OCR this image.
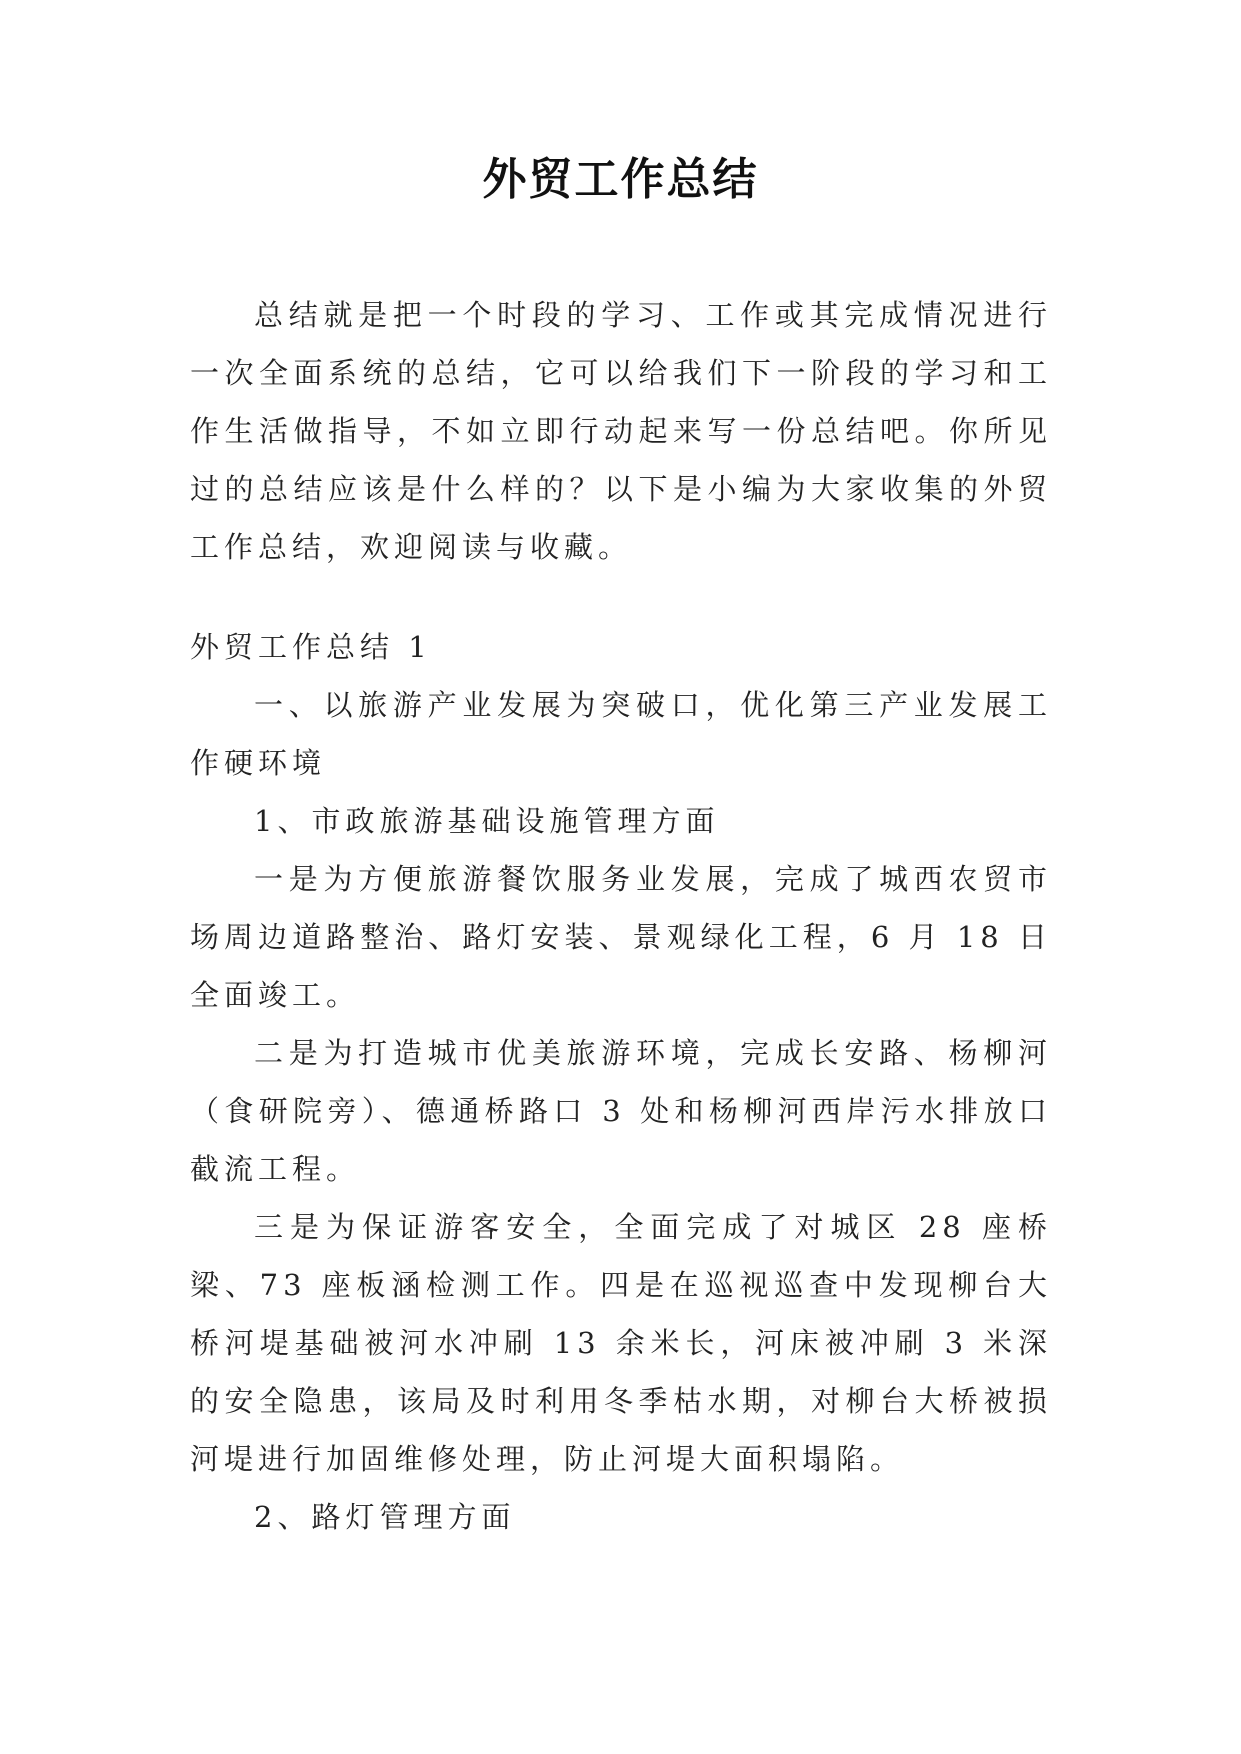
外贸工作总结

总结就是把一个时段的学习、工作或其完成情况进行一次全面系统的总结，它可以给我们下一阶段的学习和工作生活做指导，不如立即行动起来写一份总结吧。你所见过的总结应该是什么样的？以下是小编为大家收集的外贸工作总结，欢迎阅读与收藏。

外贸工作总结 1

一、以旅游产业发展为突破口，优化第三产业发展工作硬环境

1、市政旅游基础设施管理方面

一是为方便旅游餐饮服务业发展，完成了城西农贸市场周边道路整治、路灯安装、景观绿化工程，6 月 18 日全面竣工。

二是为打造城市优美旅游环境，完成长安路、杨柳河（食研院旁）、德通桥路口 3 处和杨柳河西岸污水排放口截流工程。

三是为保证游客安全，全面完成了对城区 28 座桥梁、73 座板涵检测工作。四是在巡视巡查中发现柳台大桥河堤基础被河水冲刷 13 余米长，河床被冲刷 3 米深的安全隐患，该局及时利用冬季枯水期，对柳台大桥被损河堤进行加固维修处理，防止河堤大面积塌陷。

2、路灯管理方面
